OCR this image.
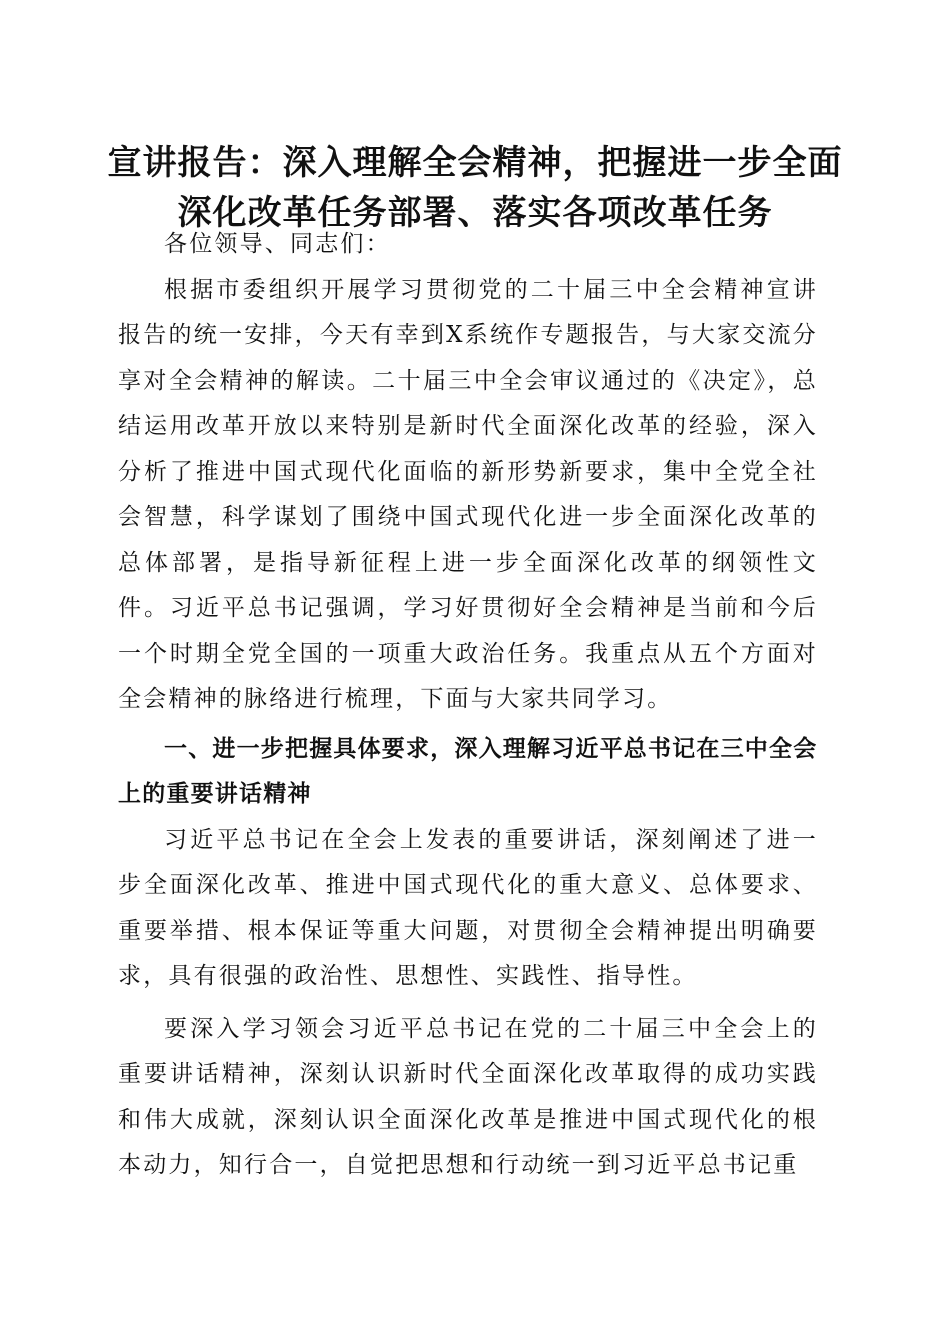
宣讲报告：深入理解全会精神，把握进一步全面深化改革任务部署、落实各项改革任务

各位领导、同志们：

根据市委组织开展学习贯彻党的二十届三中全会精神宣讲报告的统一安排，今天有幸到X系统作专题报告，与大家交流分享对全会精神的解读。二十届三中全会审议通过的《决定》，总结运用改革开放以来特别是新时代全面深化改革的经验，深入分析了推进中国式现代化面临的新形势新要求，集中全党全社会智慧，科学谋划了围绕中国式现代化进一步全面深化改革的总体部署，是指导新征程上进一步全面深化改革的纲领性文件。习近平总书记强调，学习好贯彻好全会精神是当前和今后一个时期全党全国的一项重大政治任务。我重点从五个方面对全会精神的脉络进行梳理，下面与大家共同学习。

一、进一步把握具体要求，深入理解习近平总书记在三中全会上的重要讲话精神

习近平总书记在全会上发表的重要讲话，深刻阐述了进一步全面深化改革、推进中国式现代化的重大意义、总体要求、重要举措、根本保证等重大问题，对贯彻全会精神提出明确要求，具有很强的政治性、思想性、实践性、指导性。

要深入学习领会习近平总书记在党的二十届三中全会上的重要讲话精神，深刻认识新时代全面深化改革取得的成功实践和伟大成就，深刻认识全面深化改革是推进中国式现代化的根本动力，知行合一，自觉把思想和行动统一到习近平总书记重
